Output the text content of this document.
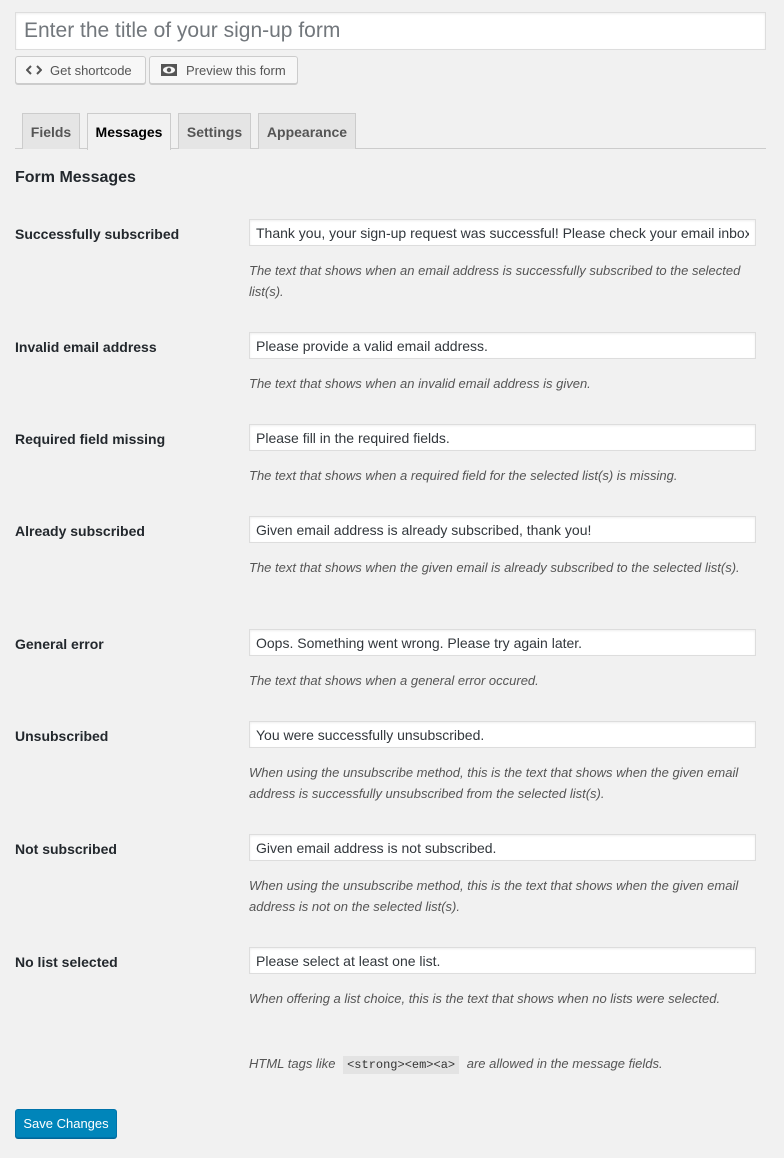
Enter the title of your sign-up form
Get shortcode	Preview this form
Fields	Messages	Settings	Appearance
Form Messages
Successfully subscribed
Thank you, your sign-up request was successful! Please check your email inbox to confirm.

The text that shows when an email address is successfully subscribed to the selected list(s).

Invalid email address
Please provide a valid email address.

The text that shows when an invalid email address is given.

Required field missing
Please fill in the required fields.

The text that shows when a required field for the selected list(s) is missing.

Already subscribed
Given email address is already subscribed, thank you!

The text that shows when the given email is already subscribed to the selected list(s).

General error
Oops. Something went wrong. Please try again later.

The text that shows when a general error occured.

Unsubscribed
You were successfully unsubscribed.

When using the unsubscribe method, this is the text that shows when the given email address is successfully unsubscribed from the selected list(s).

Not subscribed
Given email address is not subscribed.

When using the unsubscribe method, this is the text that shows when the given email address is not on the selected list(s).

No list selected
Please select at least one list.

When offering a list choice, this is the text that shows when no lists were selected.

HTML tags like <strong><em><a> are allowed in the message fields.
Save Changes
